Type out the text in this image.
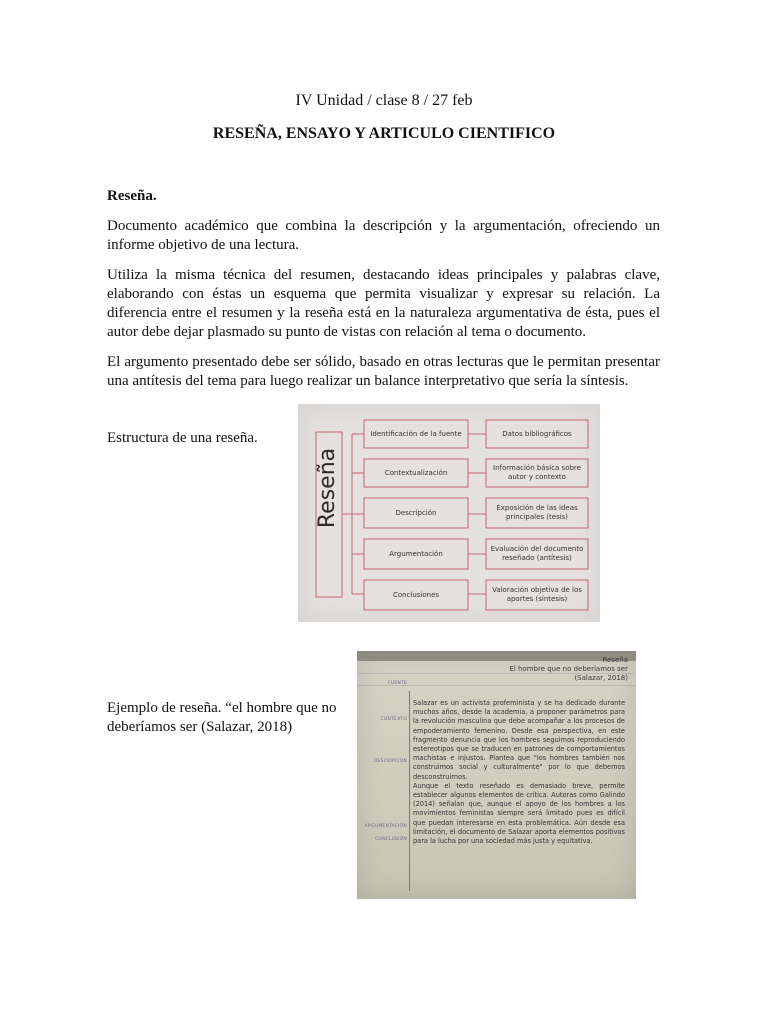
IV Unidad / clase 8 / 27 feb
RESEÑA, ENSAYO Y ARTICULO CIENTIFICO
Reseña.

Documento académico que combina la descripción y la argumentación, ofreciendo un informe objetivo de una lectura.

Utiliza la misma técnica del resumen, destacando ideas principales y palabras clave, elaborando con éstas un esquema que permita visualizar y expresar su relación. La diferencia entre el resumen y la reseña está en la naturaleza argumentativa de ésta, pues el autor debe dejar plasmado su punto de vistas con relación al tema o documento.

El argumento presentado debe ser sólido, basado en otras lecturas que le permitan presentar una antítesis del tema para luego realizar un balance interpretativo que sería la síntesis.

Estructura de una reseña.
Reseña
Identificación de la fuente
Contextualización
Descripción
Argumentación
Conclusiones
Datos bibliográficos
Información básica sobre autor y contexto
Exposición de las ideas principales (tesis)
Evaluación del documento reseñado (antítesis)
Valoración objetiva de los aportes (síntesis)
Ejemplo de reseña. “el hombre que no deberíamos ser (Salazar, 2018)
Reseña
El hombre que no deberíamos ser
(Salazar, 2018)
FUENTE
CONTEXTO
DESCRIPCIÓN
ARGUMENTACIÓN
CONCLUSIÓN
Salazar es un activista profeminista y se ha dedicado durante muchos años, desde la academia, a proponer parámetros para la revolución masculina que debe acompañar a los procesos de empoderamiento femenino. Desde esa perspectiva, en este fragmento denuncia que los hombres seguimos reproduciendo estereotipos que se traducen en patrones de comportamientos machistas e injustos. Plantea que "los hombres también nos construimos social y culturalmente" por lo que debemos desconstruirnos.
Aunque el texto reseñado es demasiado breve, permite establecer algunos elementos de crítica. Autoras como Galindo (2014) señalan que, aunque el apoyo de los hombres a los movimientos feministas siempre será limitado pues es difícil que puedan interesarse en esta problemática. Aún desde esa limitación, el documento de Salazar aporta elementos positivos para la lucha por una sociedad más justa y equitativa.
